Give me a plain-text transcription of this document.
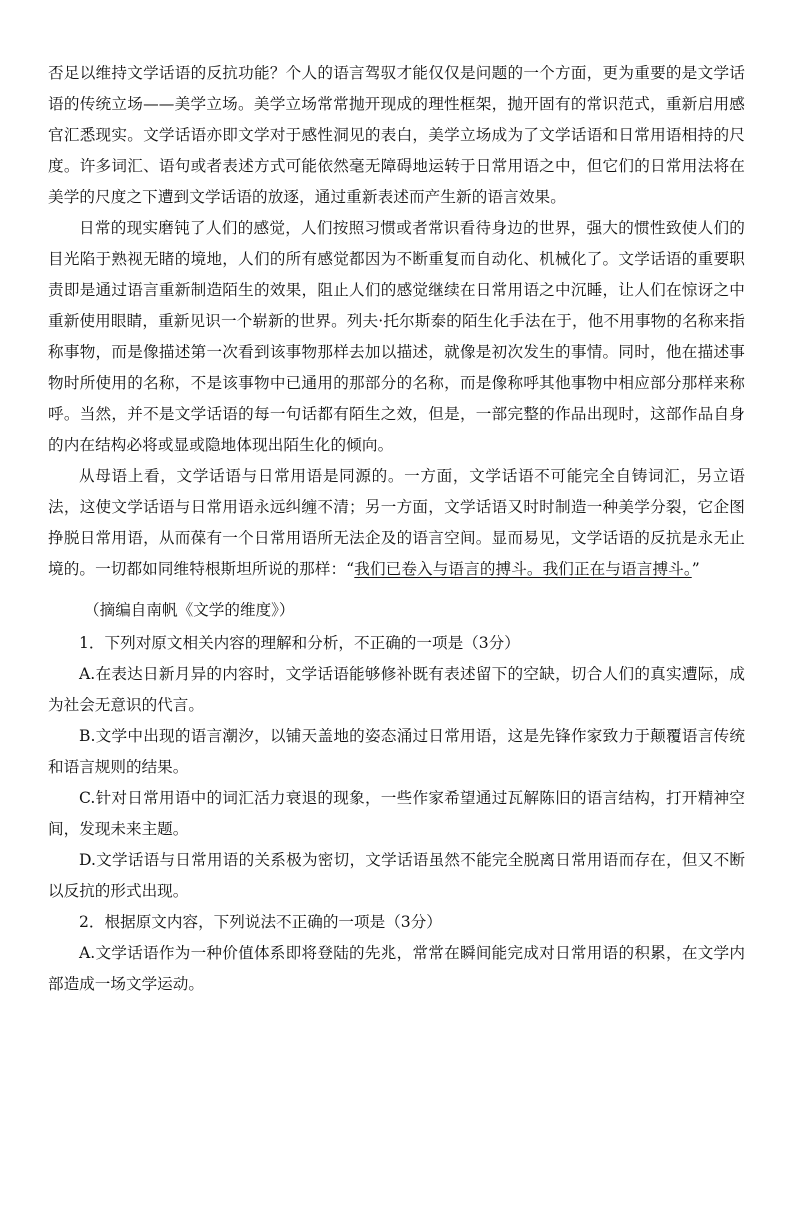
否足以维持文学话语的反抗功能？个人的语言驾驭才能仅仅是问题的一个方面，更为重要的是文学话语的传统立场——美学立场。美学立场常常抛开现成的理性框架，抛开固有的常识范式，重新启用感官汇悉现实。文学话语亦即文学对于感性洞见的表白，美学立场成为了文学话语和日常用语相持的尺度。许多词汇、语句或者表述方式可能依然毫无障碍地运转于日常用语之中，但它们的日常用法将在美学的尺度之下遭到文学话语的放逐，通过重新表述而产生新的语言效果。

日常的现实磨钝了人们的感觉，人们按照习惯或者常识看待身边的世界，强大的惯性致使人们的目光陷于熟视无睹的境地，人们的所有感觉都因为不断重复而自动化、机械化了。文学话语的重要职责即是通过语言重新制造陌生的效果，阻止人们的感觉继续在日常用语之中沉睡，让人们在惊讶之中重新使用眼睛，重新见识一个崭新的世界。列夫·托尔斯泰的陌生化手法在于，他不用事物的名称来指称事物，而是像描述第一次看到该事物那样去加以描述，就像是初次发生的事情。同时，他在描述事物时所使用的名称，不是该事物中已通用的那部分的名称，而是像称呼其他事物中相应部分那样来称呼。当然，并不是文学话语的每一句话都有陌生之效，但是，一部完整的作品出现时，这部作品自身的内在结构必将或显或隐地体现出陌生化的倾向。

从母语上看，文学话语与日常用语是同源的。一方面，文学话语不可能完全自铸词汇，另立语法，这使文学话语与日常用语永远纠缠不清；另一方面，文学话语又时时制造一种美学分裂，它企图挣脱日常用语，从而葆有一个日常用语所无法企及的语言空间。显而易见，文学话语的反抗是永无止境的。一切都如同维特根斯坦所说的那样：“我们已卷入与语言的搏斗。我们正在与语言搏斗。”

（摘编自南帆《文学的维度》）

1．下列对原文相关内容的理解和分析，不正确的一项是（3分）

A.在表达日新月异的内容时，文学话语能够修补既有表述留下的空缺，切合人们的真实遭际，成为社会无意识的代言。

B.文学中出现的语言潮汐，以铺天盖地的姿态涌过日常用语，这是先锋作家致力于颠覆语言传统和语言规则的结果。

C.针对日常用语中的词汇活力衰退的现象，一些作家希望通过瓦解陈旧的语言结构，打开精神空间，发现未来主题。

D.文学话语与日常用语的关系极为密切，文学话语虽然不能完全脱离日常用语而存在，但又不断以反抗的形式出现。

2．根据原文内容，下列说法不正确的一项是（3分）

A.文学话语作为一种价值体系即将登陆的先兆，常常在瞬间能完成对日常用语的积累，在文学内部造成一场文学运动。
